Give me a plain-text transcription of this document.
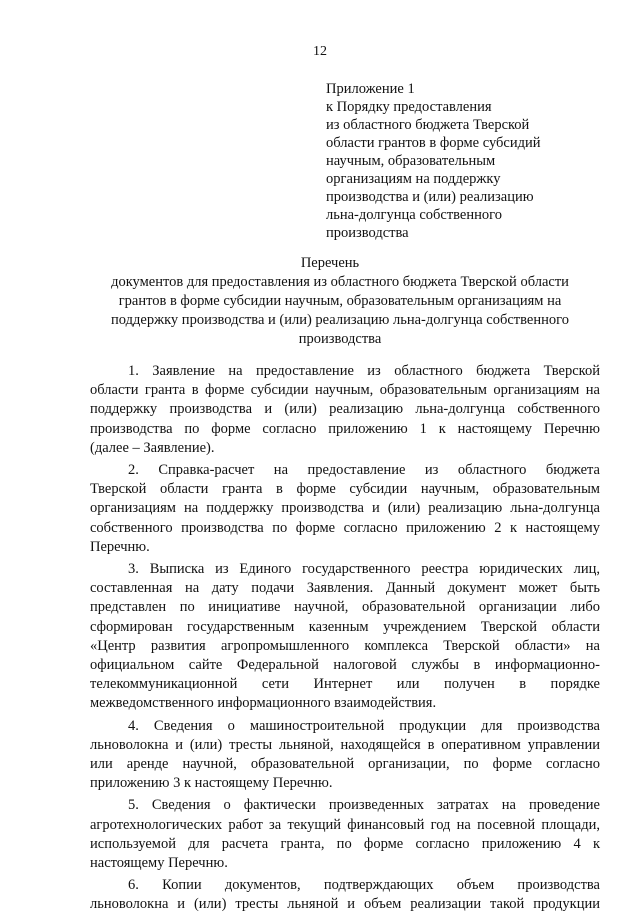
12
Приложение 1
к Порядку предоставления
из областного бюджета Тверской
области грантов в форме субсидий
научным, образовательным
организациям на поддержку
производства и (или) реализацию
льна-долгунца собственного
производства
Перечень
документов для предоставления из областного бюджета Тверской области
грантов в форме субсидии научным, образовательным организациям на
поддержку производства и (или) реализацию льна-долгунца собственного
производства
1. Заявление на предоставление из областного бюджета Тверской
области гранта в форме субсидии научным, образовательным организациям на
поддержку производства и (или) реализацию льна-долгунца собственного
производства по форме согласно приложению 1 к настоящему Перечню
(далее – Заявление).
2. Справка-расчет на предоставление из областного бюджета
Тверской области гранта в форме субсидии научным, образовательным
организациям на поддержку производства и (или) реализацию льна-долгунца
собственного производства по форме согласно приложению 2 к настоящему
Перечню.
3. Выписка из Единого государственного реестра юридических лиц,
составленная на дату подачи Заявления. Данный документ может быть
представлен по инициативе научной, образовательной организации либо
сформирован государственным казенным учреждением Тверской области
«Центр развития агропромышленного комплекса Тверской области» на
официальном сайте Федеральной налоговой службы в информационно-
телекоммуникационной сети Интернет или получен в порядке
межведомственного информационного взаимодействия.
4. Сведения о машиностроительной продукции для производства
льноволокна и (или) тресты льняной, находящейся в оперативном управлении
или аренде научной, образовательной организации, по форме согласно
приложению 3 к настоящему Перечню.
5. Сведения о фактически произведенных затратах на проведение
агротехнологических работ за текущий финансовый год на посевной площади,
используемой для расчета гранта, по форме согласно приложению 4 к
настоящему Перечню.
6. Копии документов, подтверждающих объем производства
льноволокна и (или) тресты льняной и объем реализации такой продукции
